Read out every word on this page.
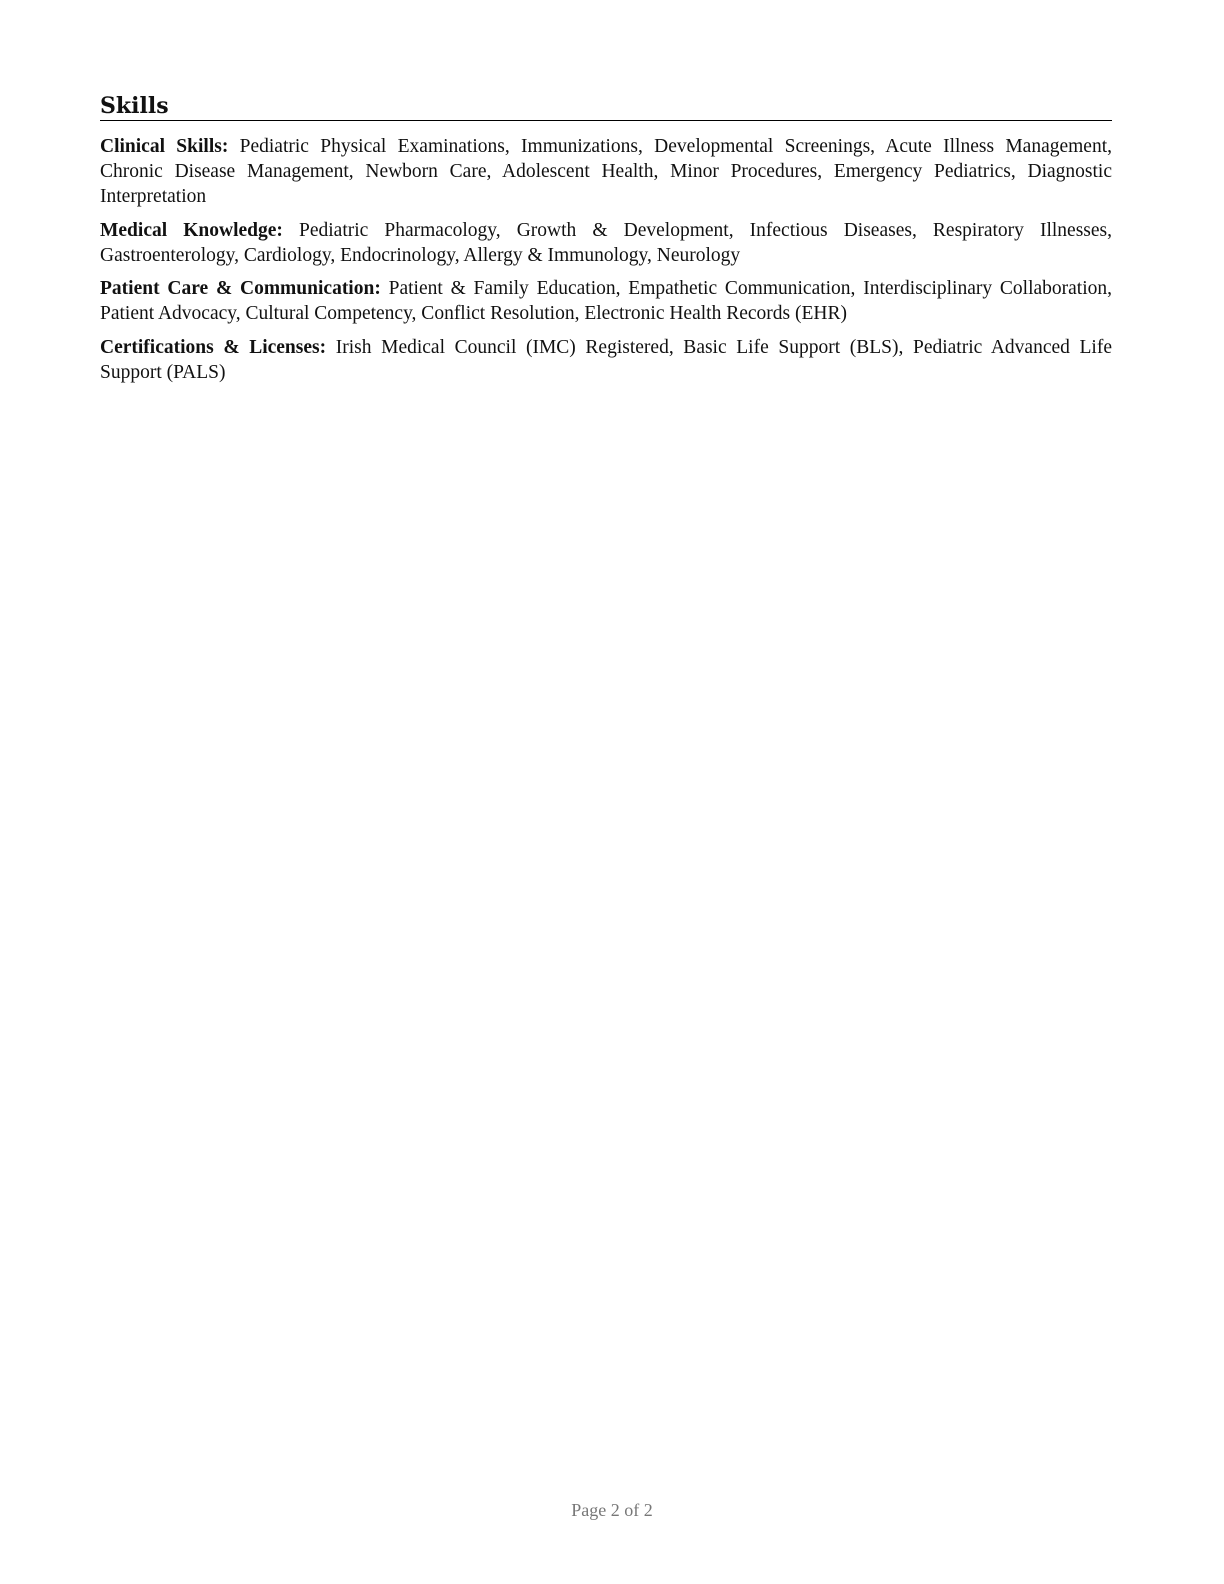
Skills

Clinical Skills: Pediatric Physical Examinations, Immunizations, Developmental Screenings, Acute Illness Management, Chronic Disease Management, Newborn Care, Adolescent Health, Minor Procedures, Emergency Pediatrics, Diagnostic Interpretation

Medical Knowledge: Pediatric Pharmacology, Growth & Development, Infectious Diseases, Respiratory Illnesses, Gastroenterology, Cardiology, Endocrinology, Allergy & Immunology, Neurology

Patient Care & Communication: Patient & Family Education, Empathetic Communication, Interdisciplinary Collaboration, Patient Advocacy, Cultural Competency, Conflict Resolution, Electronic Health Records (EHR)

Certifications & Licenses: Irish Medical Council (IMC) Registered, Basic Life Support (BLS), Pediatric Advanced Life Support (PALS)

Page 2 of 2
